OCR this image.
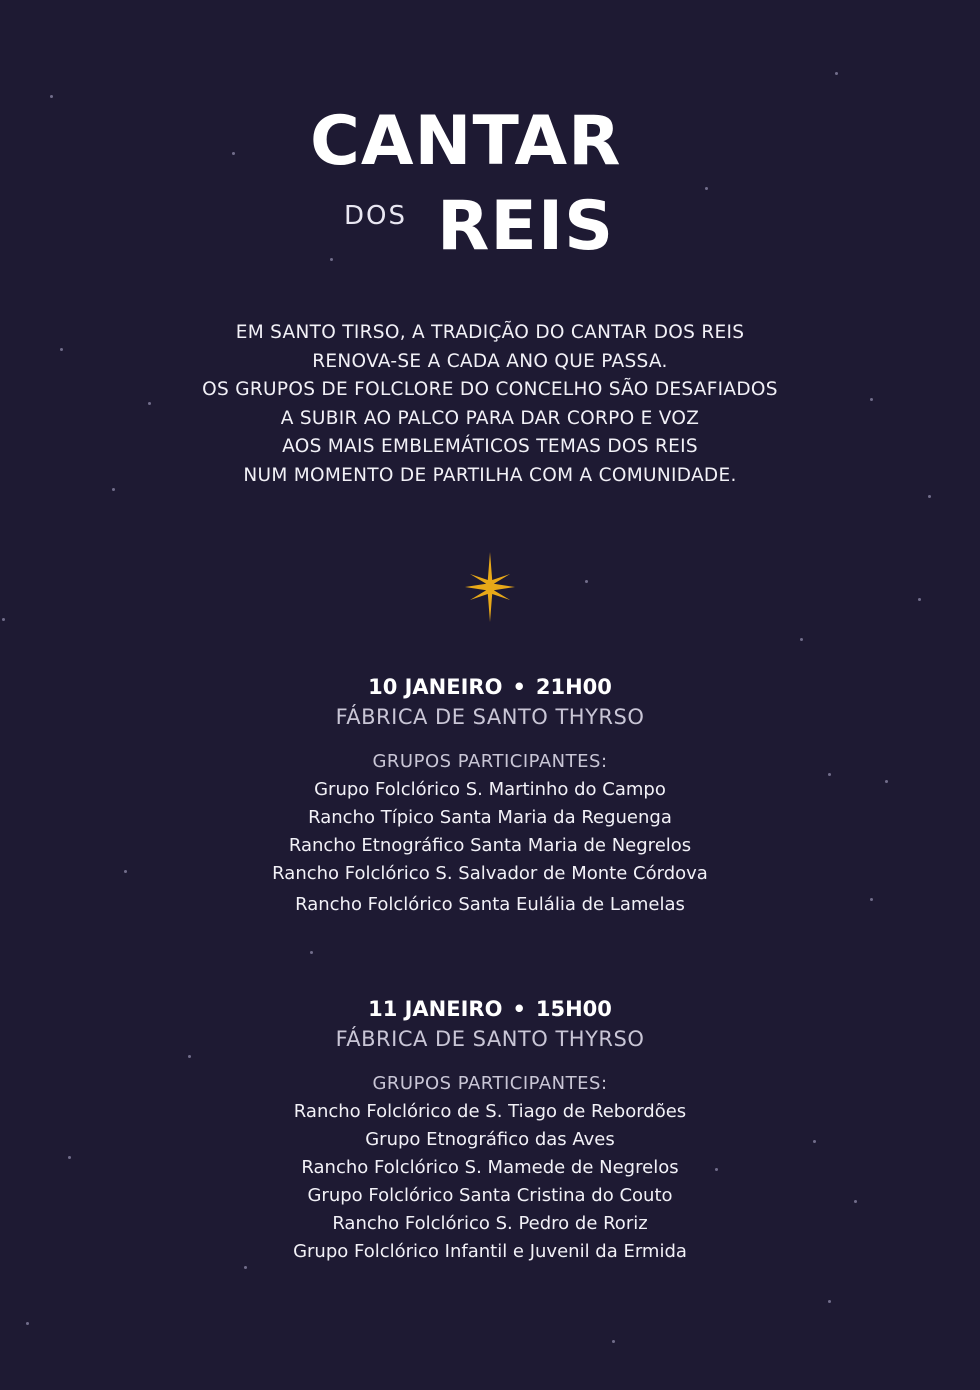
CANTAR
DOS REIS
EM SANTO TIRSO, A TRADIÇÃO DO CANTAR DOS REIS
RENOVA-SE A CADA ANO QUE PASSA.
OS GRUPOS DE FOLCLORE DO CONCELHO SÃO DESAFIADOS
A SUBIR AO PALCO PARA DAR CORPO E VOZ
AOS MAIS EMBLEMÁTICOS TEMAS DOS REIS
NUM MOMENTO DE PARTILHA COM A COMUNIDADE.
10 JANEIRO • 21H00
FÁBRICA DE SANTO THYRSO
GRUPOS PARTICIPANTES:
Grupo Folclórico S. Martinho do Campo
Rancho Típico Santa Maria da Reguenga
Rancho Etnográfico Santa Maria de Negrelos
Rancho Folclórico S. Salvador de Monte Córdova
Rancho Folclórico Santa Eulália de Lamelas
11 JANEIRO • 15H00
FÁBRICA DE SANTO THYRSO
GRUPOS PARTICIPANTES:
Rancho Folclórico de S. Tiago de Rebordões
Grupo Etnográfico das Aves
Rancho Folclórico S. Mamede de Negrelos
Grupo Folclórico Santa Cristina do Couto
Rancho Folclórico S. Pedro de Roriz
Grupo Folclórico Infantil e Juvenil da Ermida
